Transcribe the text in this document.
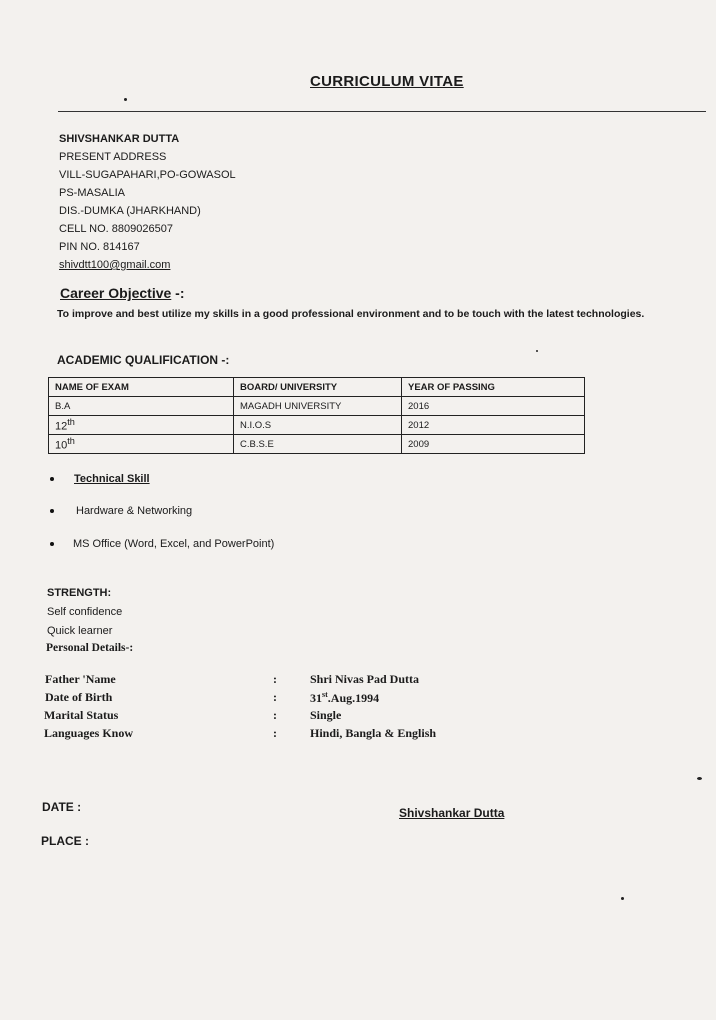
CURRICULUM VITAE
SHIVSHANKAR DUTTA
PRESENT ADDRESS
VILL-SUGAPAHARI,PO-GOWASOL
PS-MASALIA
DIS.-DUMKA (JHARKHAND)
CELL NO. 8809026507
PIN NO. 814167
shivdtt100@gmail.com
Career Objective -:
To improve and best utilize my skills in a good professional environment and to be touch with the latest technologies.
ACADEMIC QUALIFICATION -:
NAME OF EXAM	BOARD/ UNIVERSITY	YEAR OF PASSING
B.A	MAGADH UNIVERSITY	2016
12th	N.I.O.S	2012
10th	C.B.S.E	2009
Technical Skill
Hardware & Networking
MS Office (Word, Excel, and PowerPoint)
STRENGTH:
Self confidence
Quick learner
Personal Details-:
Father 'Name	:	Shri Nivas Pad Dutta
Date of Birth	:	31st.Aug.1994
Marital Status	:	Single
Languages Know	:	Hindi, Bangla & English
DATE :
PLACE :
Shivshankar Dutta
